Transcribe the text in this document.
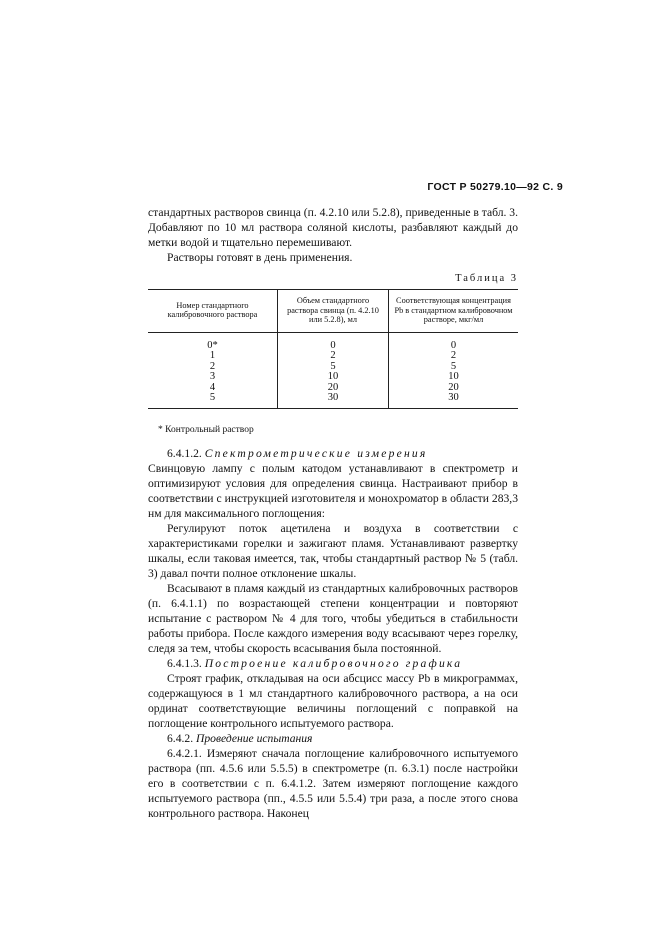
ГОСТ Р 50279.10—92 С. 9

стандартных растворов свинца (п. 4.2.10 или 5.2.8), приведенные в табл. 3. Добавляют по 10 мл раствора соляной кислоты, разбавляют каждый до метки водой и тщательно перемешивают.

Растворы готовят в день применения.

Таблица 3
Номер стандартного калибровочного раствора	Объем стандартного раствора свинца (п. 4.2.10 или 5.2.8), мл	Соответствующая концентрация Pb в стандартном калибровочном растворе, мкг/мл
0*	0	0
1	2	2
2	5	5
3	10	10
4	20	20
5	30	30
* Контрольный раствор

6.4.1.2. Спектрометрические измерения

Свинцовую лампу с полым катодом устанавливают в спектрометр и оптимизируют условия для определения свинца. Настраивают прибор в соответствии с инструкцией изготовителя и монохроматор в области 283,3 нм для максимального поглощения:

Регулируют поток ацетилена и воздуха в соответствии с характеристиками горелки и зажигают пламя. Устанавливают развертку шкалы, если таковая имеется, так, чтобы стандартный раствор № 5 (табл. 3) давал почти полное отклонение шкалы.

Всасывают в пламя каждый из стандартных калибровочных растворов (п. 6.4.1.1) по возрастающей степени концентрации и повторяют испытание с раствором № 4 для того, чтобы убедиться в стабильности работы прибора. После каждого измерения воду всасывают через горелку, следя за тем, чтобы скорость всасывания была постоянной.

6.4.1.3. Построение калибровочного графика

Строят график, откладывая на оси абсцисс массу Pb в микрограммах, содержащуюся в 1 мл стандартного калибровочного раствора, а на оси ординат соответствующие величины поглощений с поправкой на поглощение контрольного испытуемого раствора.

6.4.2. Проведение испытания

6.4.2.1. Измеряют сначала поглощение калибровочного испытуемого раствора (пп. 4.5.6 или 5.5.5) в спектрометре (п. 6.3.1) после настройки его в соответствии с п. 6.4.1.2. Затем измеряют поглощение каждого испытуемого раствора (пп., 4.5.5 или 5.5.4) три раза, а после этого снова контрольного раствора. Наконец
